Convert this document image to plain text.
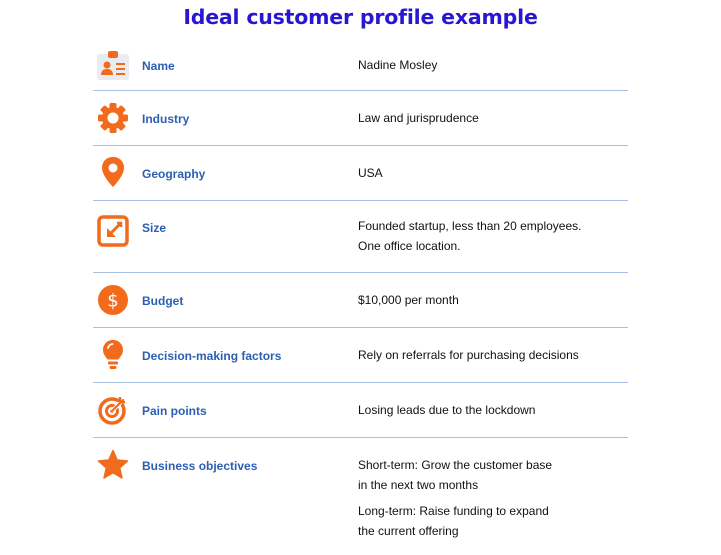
Ideal customer profile example
Name	Nadine Mosley
Industry	Law and jurisprudence
Geography	USA
Size	Founded startup, less than 20 employees.
One office location.
$ Budget	$10,000 per month
Decision-making factors	Rely on referrals for purchasing decisions
Pain points	Losing leads due to the lockdown
Business objectives	Short-term: Grow the customer base
in the next two months
Long-term: Raise funding to expand
the current offering
